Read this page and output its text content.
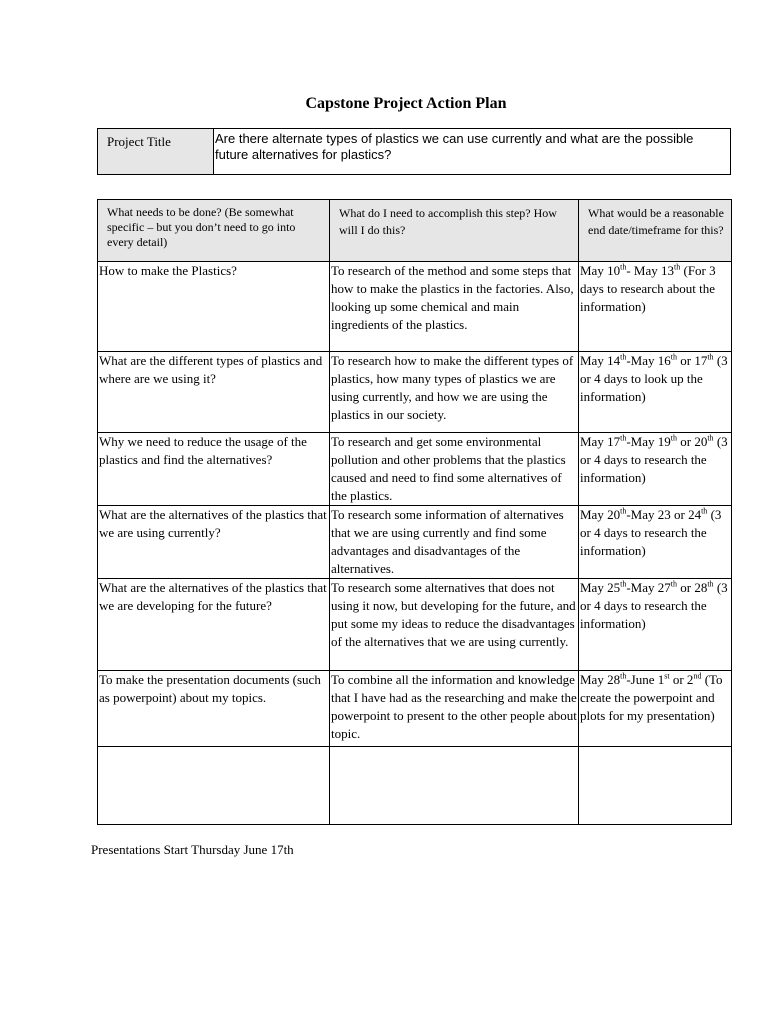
Capstone Project Action Plan
Project Title	Are there alternate types of plastics we can use currently and what are the possible future alternatives for plastics?
What needs to be done? (Be somewhat specific – but you don’t need to go into every detail)	What do I need to accomplish this step? How will I do this?	What would be a reasonable end date/timeframe for this?
How to make the Plastics?	To research of the method and some steps that how to make the plastics in the factories. Also, looking up some chemical and main ingredients of the plastics.	May 10th- May 13th (For 3 days to research about the information)
What are the different types of plastics and where are we using it?	To research how to make the different types of plastics, how many types of plastics we are using currently, and how we are using the plastics in our society.	May 14th-May 16th or 17th (3 or 4 days to look up the information)
Why we need to reduce the usage of the plastics and find the alternatives?	To research and get some environmental pollution and other problems that the plastics caused and need to find some alternatives of the plastics.	May 17th-May 19th or 20th (3 or 4 days to research the information)
What are the alternatives of the plastics that we are using currently?	To research some information of alternatives that we are using currently and find some advantages and disadvantages of the alternatives.	May 20th-May 23 or 24th (3 or 4 days to research the information)
What are the alternatives of the plastics that we are developing for the future?	To research some alternatives that does not using it now, but developing for the future, and put some my ideas to reduce the disadvantages of the alternatives that we are using currently.	May 25th-May 27th or 28th (3 or 4 days to research the information)
To make the presentation documents (such as powerpoint) about my topics.	To combine all the information and knowledge that I have had as the researching and make the powerpoint to present to the other people about topic.	May 28th-June 1st or 2nd (To create the powerpoint and plots for my presentation)

Presentations Start Thursday June 17th
